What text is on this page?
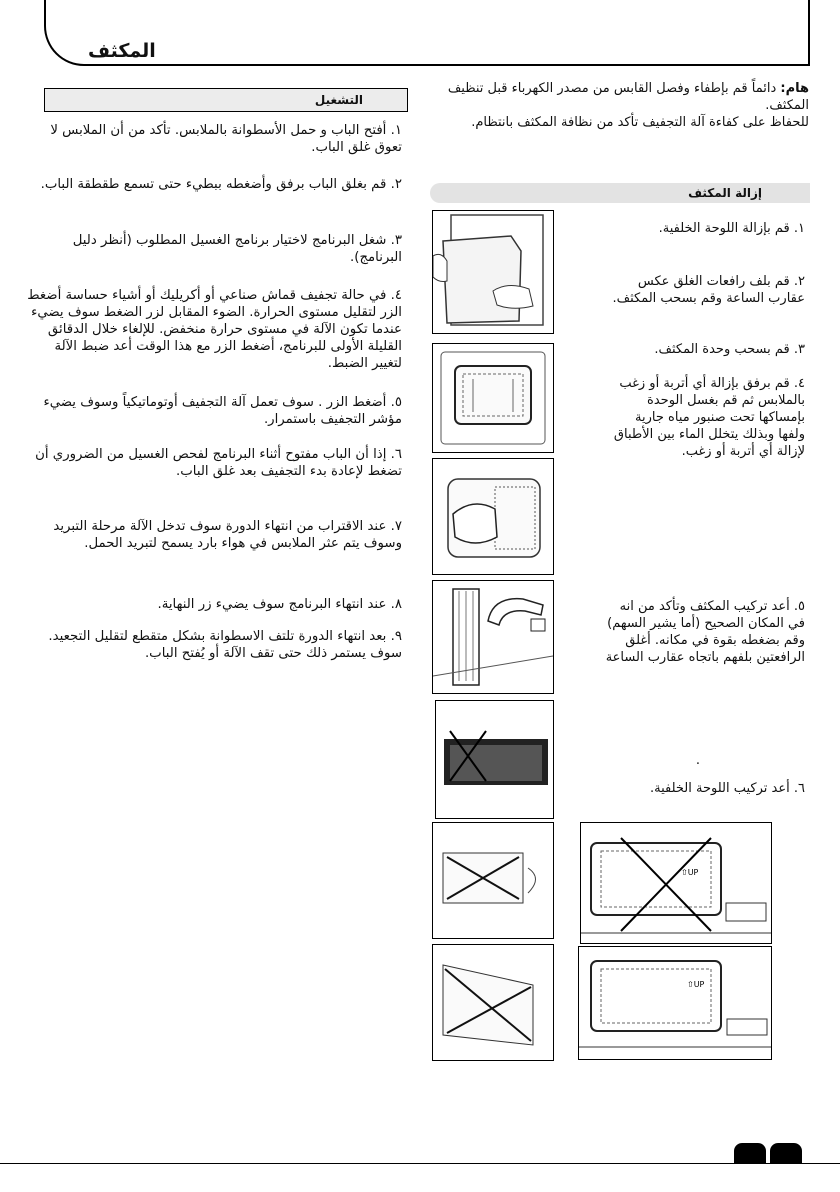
المكثف
هام: دائماً قم بإطفاء وفصل القابس من مصدر الكهرباء قبل تنظيف المكثف.
للحفاظ على كفاءة آلة التجفيف تأكد من نظافة المكثف بانتظام.
إزالة المكثف
١. قم بإزالة اللوحة الخلفية.
٢. قم بلف رافعات الغلق عكس عقارب الساعة وقم بسحب المكثف.
٣. قم بسحب وحدة المكثف.
٤. قم برفق بإزالة أي أتربة أو زغب بالملابس ثم قم بغسل الوحدة بإمساكها تحت صنبور مياه جارية ولفها وبذلك يتخلل الماء بين الأطباق لإزالة أي أتربة أو زغب.
٥. أعد تركيب المكثف وتأكد من انه في المكان الصحيح (أما يشير السهم) وقم بضغطه بقوة في مكانه. أغلق الرافعتين بلفهم باتجاه عقارب الساعة
.
٦. أعد تركيب اللوحة الخلفية.
⇧UP
⇧UP
التشغيل
١. أفتح الباب و حمل الأسطوانة بالملابس. تأكد من أن الملابس لا تعوق غلق الباب.
٢. قم بغلق الباب برفق وأضغطه ببطيء حتى تسمع طقطقة الباب.
٣. شغل البرنامج لاختيار برنامج الغسيل المطلوب (أنظر دليل البرنامج).
٤. في حالة تجفيف قماش صناعي أو أكريليك أو أشياء حساسة أضغط الزر لتقليل مستوى الحرارة. الضوء المقابل لزر الضغط سوف يضيء عندما تكون الآلة في مستوى حرارة منخفض. للإلغاء خلال الدقائق القليلة الأولى للبرنامج، أضغط الزر مع هذا الوقت أعد ضبط الآلة لتغيير الضبط.
٥. أضغط الزر . سوف تعمل آلة التجفيف أوتوماتيكياً وسوف يضيء مؤشر التجفيف باستمرار.
٦. إذا أن الباب مفتوح أثناء البرنامج لفحص الغسيل من الضروري أن تضغط لإعادة بدء التجفيف بعد غلق الباب.
٧. عند الاقتراب من انتهاء الدورة سوف تدخل الآلة مرحلة التبريد وسوف يتم عثر الملابس في هواء بارد يسمح لتبريد الحمل.
٨. عند انتهاء البرنامج سوف يضيء زر النهاية.
٩. بعد انتهاء الدورة تلتف الاسطوانة بشكل متقطع لتقليل التجعيد. سوف يستمر ذلك حتى تقف الآلة أو يُفتح الباب.
